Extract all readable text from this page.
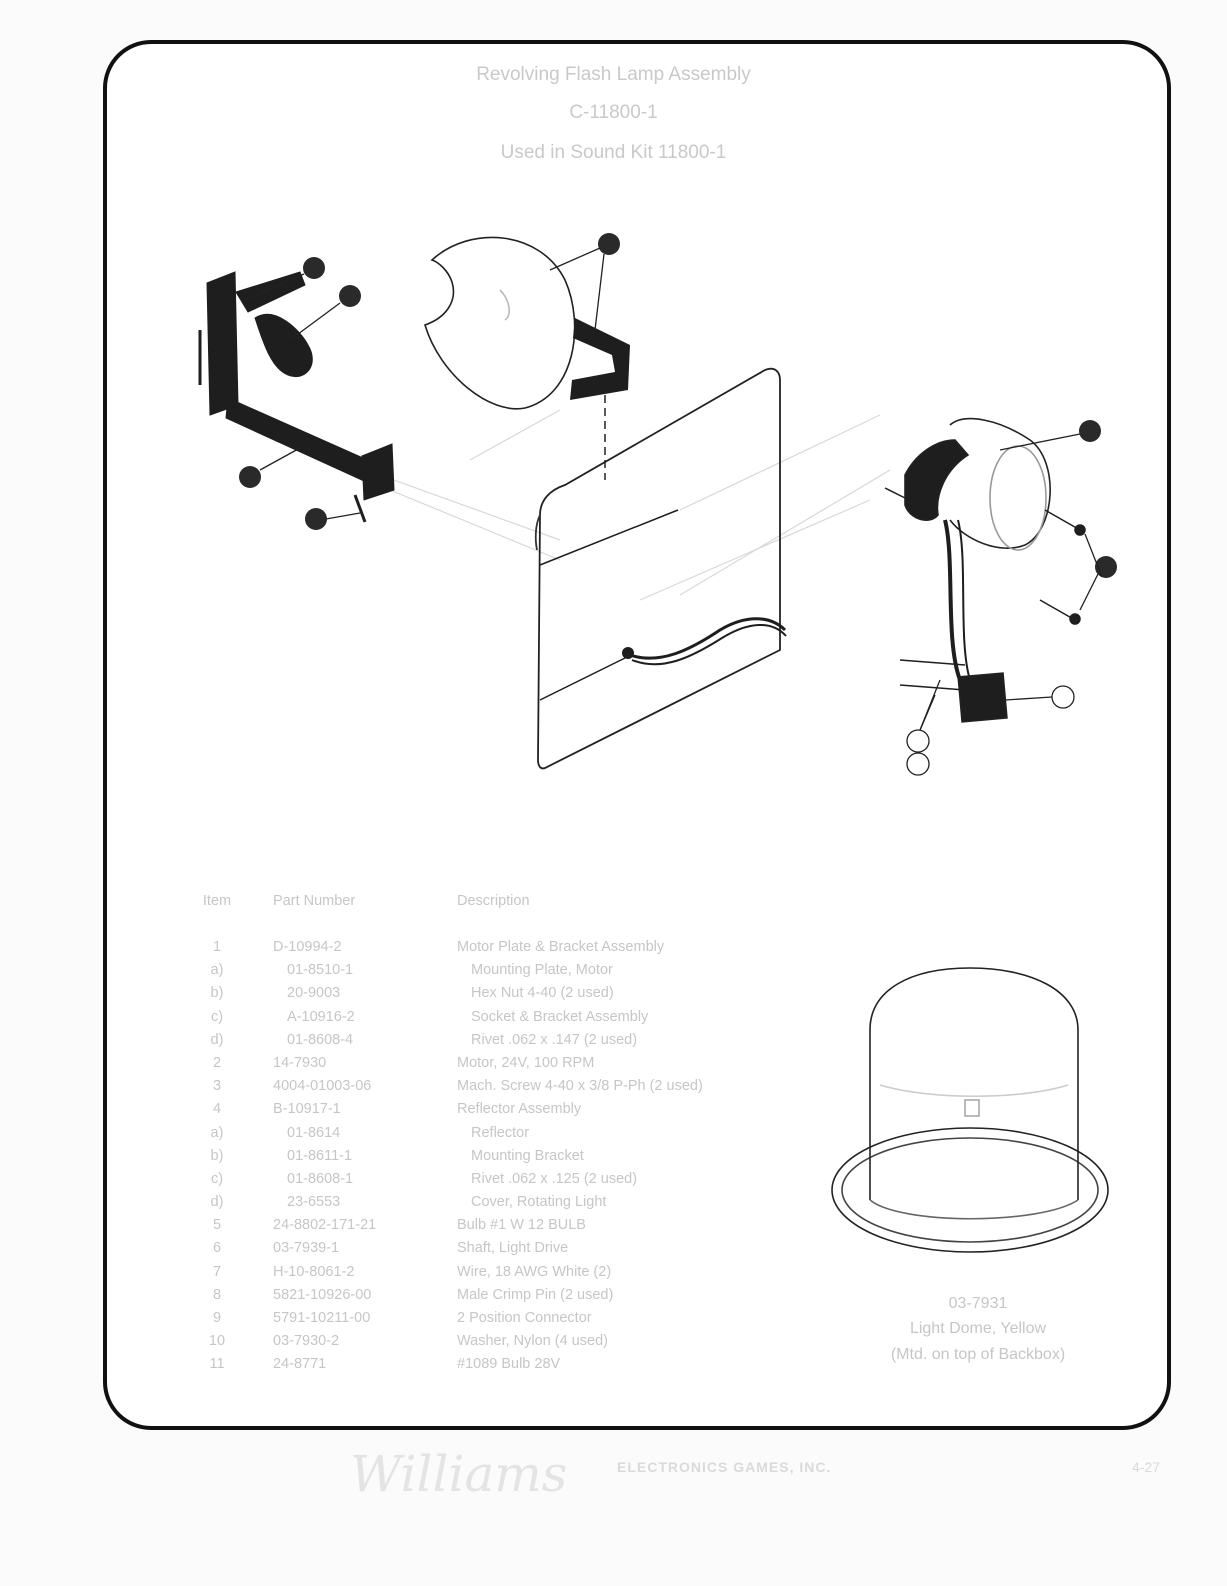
Revolving Flash Lamp Assembly
C-11800-1
Used in Sound Kit 11800-1
Item	Part Number	Description
1	D-10994-2	Motor Plate & Bracket Assembly
a)	01-8510-1	Mounting Plate, Motor
b)	20-9003	Hex Nut 4-40 (2 used)
c)	A-10916-2	Socket & Bracket Assembly
d)	01-8608-4	Rivet .062 x .147 (2 used)
2	14-7930	Motor, 24V, 100 RPM
3	4004-01003-06	Mach. Screw 4-40 x 3/8 P-Ph (2 used)
4	B-10917-1	Reflector Assembly
a)	01-8614	Reflector
b)	01-8611-1	Mounting Bracket
c)	01-8608-1	Rivet .062 x .125 (2 used)
d)	23-6553	Cover, Rotating Light
5	24-8802-171-21	Bulb #1 W 12 BULB
6	03-7939-1	Shaft, Light Drive
7	H-10-8061-2	Wire, 18 AWG White (2)
8	5821-10926-00	Male Crimp Pin (2 used)
9	5791-10211-00	2 Position Connector
10	03-7930-2	Washer, Nylon (4 used)
11	24-8771	#1089 Bulb 28V
03-7931
Light Dome, Yellow
(Mtd. on top of Backbox)
Williams	ELECTRONICS GAMES, INC.	4-27
